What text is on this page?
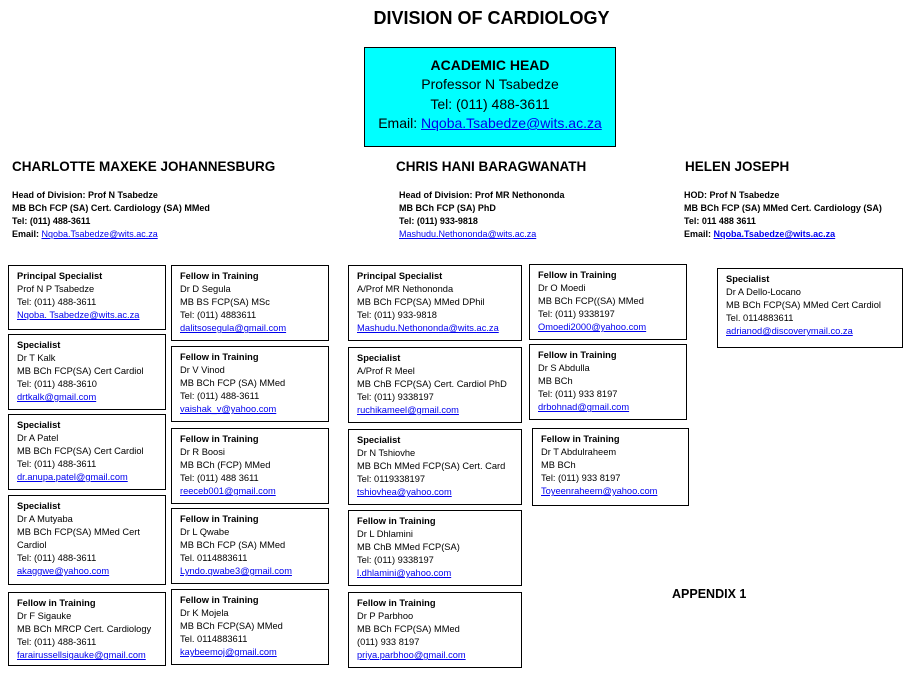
DIVISION OF CARDIOLOGY
ACADEMIC HEAD
Professor N Tsabedze
Tel: (011) 488-3611
Email: Nqoba.Tsabedze@wits.ac.za
CHARLOTTE MAXEKE JOHANNESBURG	CHRIS HANI BARAGWANATH	HELEN JOSEPH
Head of Division: Prof N Tsabedze
MB BCh FCP (SA) Cert. Cardiology (SA) MMed
Tel: (011) 488-3611
Email: Nqoba.Tsabedze@wits.ac.za
Head of Division: Prof MR Nethononda
MB BCh FCP (SA) PhD
Tel: (011) 933-9818
Mashudu.Nethononda@wits.ac.za
HOD: Prof N Tsabedze
MB BCh FCP (SA) MMed Cert. Cardiology (SA)
Tel: 011 488 3611
Email: Nqoba.Tsabedze@wits.ac.za
Principal Specialist
Prof N P Tsabedze
Tel: (011) 488-3611
Nqoba. Tsabedze@wits.ac.za
Specialist
Dr T Kalk
MB BCh FCP(SA) Cert Cardiol
Tel: (011) 488-3610
drtkalk@gmail.com
Specialist
Dr A Patel
MB BCh FCP(SA) Cert Cardiol
Tel: (011) 488-3611
dr.anupa.patel@gmail.com
Specialist
Dr A Mutyaba
MB BCh FCP(SA) MMed Cert
Cardiol
Tel: (011) 488-3611
akaggwe@yahoo.com
Fellow in Training
Dr F Sigauke
MB BCh MRCP Cert. Cardiology
Tel: (011) 488-3611
farairussellsigauke@gmail.com
Fellow in Training
Dr D Segula
MB BS FCP(SA) MSc
Tel: (011) 4883611
dalitsosegula@gmail.com
Fellow in Training
Dr V Vinod
MB BCh FCP (SA) MMed
Tel: (011) 488-3611
vaishak_v@yahoo.com
Fellow in Training
Dr R Boosi
MB BCh (FCP) MMed
Tel: (011) 488 3611
reeceb001@gmail.com
Fellow in Training
Dr L Qwabe
MB BCh FCP (SA) MMed
Tel. 0114883611
Lyndo.qwabe3@gmail.com
Fellow in Training
Dr K Mojela
MB BCh FCP(SA) MMed
Tel. 0114883611
kaybeemoj@gmail.com
Principal Specialist
A/Prof MR Nethononda
MB BCh FCP(SA) MMed DPhil
Tel: (011) 933-9818
Mashudu.Nethononda@wits.ac.za
Specialist
A/Prof R Meel
MB ChB FCP(SA) Cert. Cardiol PhD
Tel: (011) 9338197
ruchikameel@gmail.com
Specialist
Dr N Tshiovhe
MB BCh MMed FCP(SA) Cert. Card
Tel: 0119338197
tshiovhea@yahoo.com
Fellow in Training
Dr L Dhlamini
MB ChB MMed FCP(SA)
Tel: (011) 9338197
l.dhlamini@yahoo.com
Fellow in Training
Dr P Parbhoo
MB BCh FCP(SA) MMed
(011) 933 8197
priya.parbhoo@gmail.com
Fellow in Training
Dr O Moedi
MB BCh FCP((SA) MMed
Tel: (011) 9338197
Omoedi2000@yahoo.com
Fellow in Training
Dr S Abdulla
MB BCh
Tel: (011) 933 8197
drbohnad@gmail.com
Fellow in Training
Dr T Abdulraheem
MB BCh
Tel: (011) 933 8197
Toyeenraheem@yahoo.com
Specialist
Dr A Dello-Locano
MB BCh FCP(SA) MMed Cert Cardiol
Tel. 0114883611
adrianod@discoverymail.co.za
APPENDIX 1
